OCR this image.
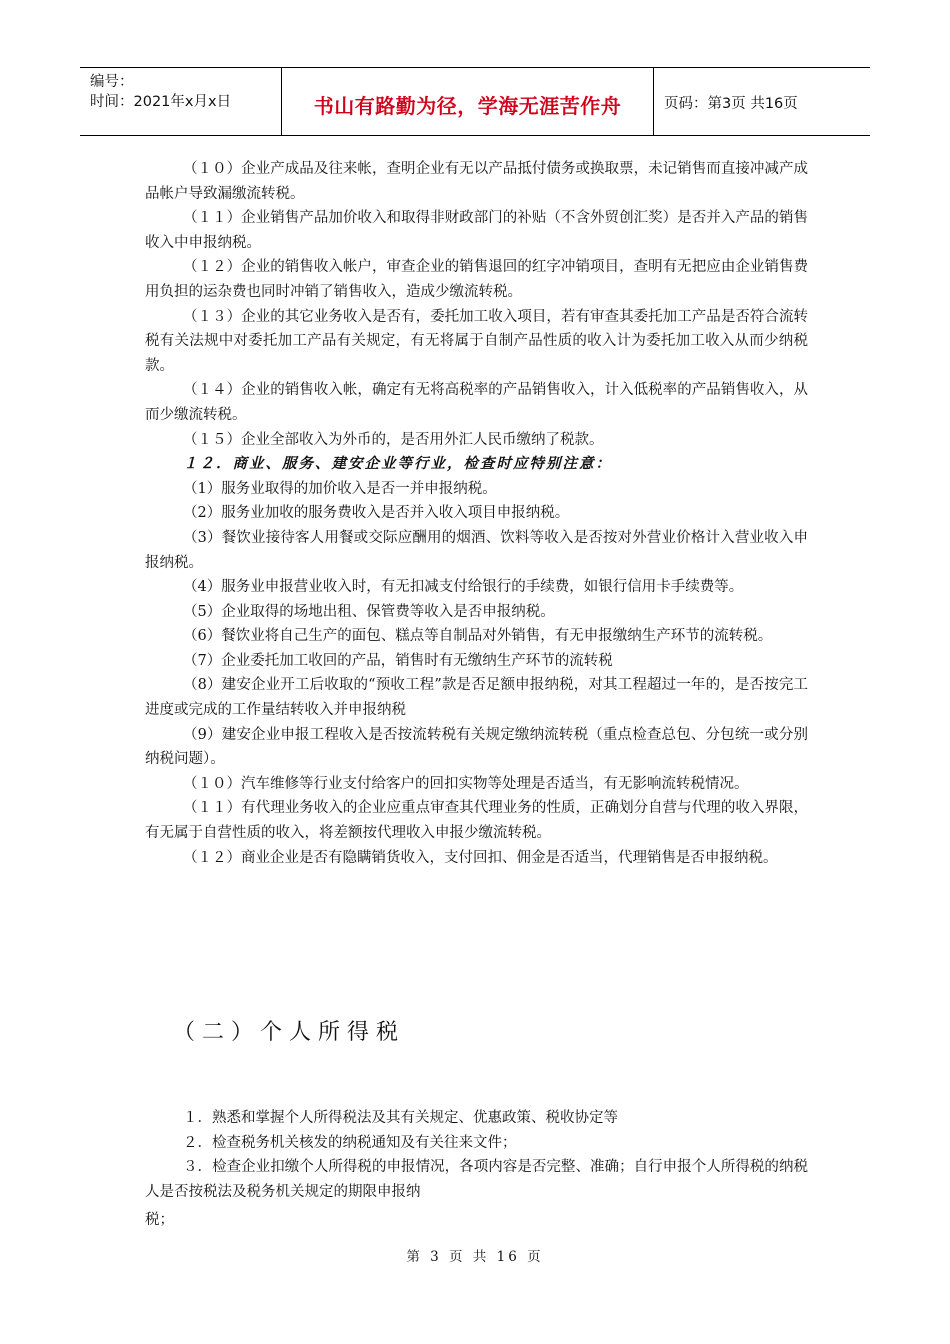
编号：
时间：2021年x月x日	书山有路勤为径，学海无涯苦作舟	页码：第3页 共16页

（１０）企业产成品及往来帐，查明企业有无以产品抵付债务或换取票，未记销售而直接冲减产成品帐户导致漏缴流转税。

（１１）企业销售产品加价收入和取得非财政部门的补贴（不含外贸创汇奖）是否并入产品的销售收入中申报纳税。

（１２）企业的销售收入帐户，审查企业的销售退回的红字冲销项目，查明有无把应由企业销售费用负担的运杂费也同时冲销了销售收入，造成少缴流转税。

（１３）企业的其它业务收入是否有，委托加工收入项目，若有审查其委托加工产品是否符合流转税有关法规中对委托加工产品有关规定，有无将属于自制产品性质的收入计为委托加工收入从而少纳税款。

（１４）企业的销售收入帐，确定有无将高税率的产品销售收入，计入低税率的产品销售收入，从而少缴流转税。

（１５）企业全部收入为外币的，是否用外汇人民币缴纳了税款。

１２．商业、服务、建安企业等行业，检查时应特别注意：

（1）服务业取得的加价收入是否一并申报纳税。

（2）服务业加收的服务费收入是否并入收入项目申报纳税。

（3）餐饮业接待客人用餐或交际应酬用的烟酒、饮料等收入是否按对外营业价格计入营业收入申报纳税。

（4）服务业申报营业收入时，有无扣减支付给银行的手续费，如银行信用卡手续费等。

（5）企业取得的场地出租、保管费等收入是否申报纳税。

（6）餐饮业将自己生产的面包、糕点等自制品对外销售，有无申报缴纳生产环节的流转税。

（7）企业委托加工收回的产品，销售时有无缴纳生产环节的流转税

（8）建安企业开工后收取的“预收工程”款是否足额申报纳税，对其工程超过一年的，是否按完工进度或完成的工作量结转收入并申报纳税

（9）建安企业申报工程收入是否按流转税有关规定缴纳流转税（重点检查总包、分包统一或分别纳税问题）。

（１０）汽车维修等行业支付给客户的回扣实物等处理是否适当，有无影响流转税情况。

（１１）有代理业务收入的企业应重点审查其代理业务的性质，正确划分自营与代理的收入界限，有无属于自营性质的收入，将差额按代理收入申报少缴流转税。

（１２）商业企业是否有隐瞒销货收入，支付回扣、佣金是否适当，代理销售是否申报纳税。

（二）个人所得税

１．熟悉和掌握个人所得税法及其有关规定、优惠政策、税收协定等

２．检查税务机关核发的纳税通知及有关往来文件；

３．检查企业扣缴个人所得税的申报情况，各项内容是否完整、准确；自行申报个人所得税的纳税人是否按税法及税务机关规定的期限申报纳

税；

第 3 页 共 16 页
